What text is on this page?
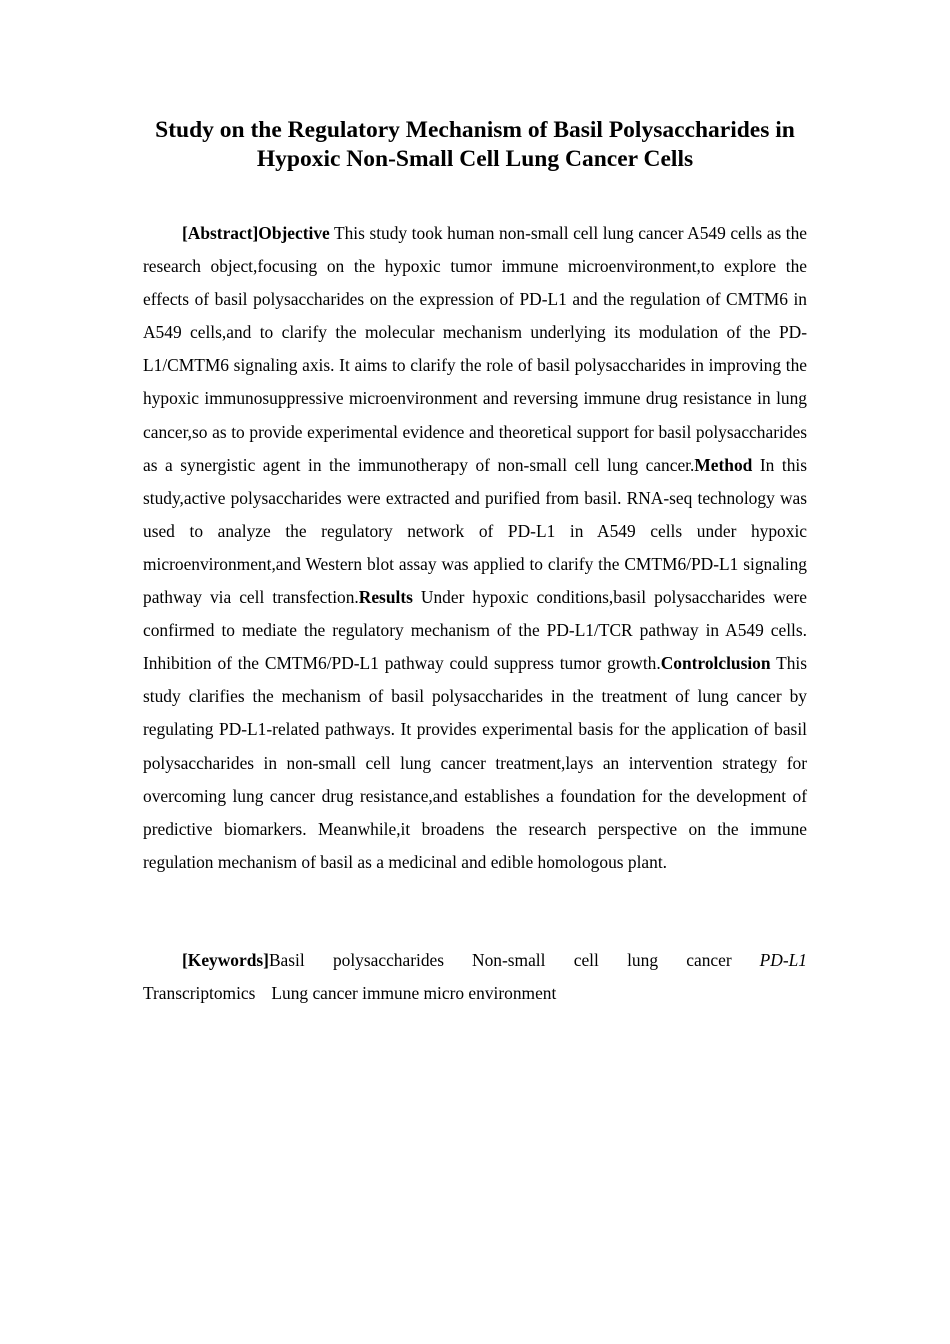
Study on the Regulatory Mechanism of Basil Polysaccharides in Hypoxic Non-Small Cell Lung Cancer Cells

[Abstract]Objective This study took human non-small cell lung cancer A549 cells as the research object,focusing on the hypoxic tumor immune microenvironment,to explore the effects of basil polysaccharides on the expression of PD-L1 and the regulation of CMTM6 in A549 cells,and to clarify the molecular mechanism underlying its modulation of the PD-L1/CMTM6 signaling axis. It aims to clarify the role of basil polysaccharides in improving the hypoxic immunosuppressive microenvironment and reversing immune drug resistance in lung cancer,so as to provide experimental evidence and theoretical support for basil polysaccharides as a synergistic agent in the immunotherapy of non-small cell lung cancer.Method In this study,active polysaccharides were extracted and purified from basil. RNA-seq technology was used to analyze the regulatory network of PD-L1 in A549 cells under hypoxic microenvironment,and Western blot assay was applied to clarify the CMTM6/PD-L1 signaling pathway via cell transfection.Results Under hypoxic conditions,basil polysaccharides were confirmed to mediate the regulatory mechanism of the PD-L1/TCR pathway in A549 cells. Inhibition of the CMTM6/PD-L1 pathway could suppress tumor growth.Controlclusion This study clarifies the mechanism of basil polysaccharides in the treatment of lung cancer by regulating PD-L1-related pathways. It provides experimental basis for the application of basil polysaccharides in non-small cell lung cancer treatment,lays an intervention strategy for overcoming lung cancer drug resistance,and establishes a foundation for the development of predictive biomarkers. Meanwhile,it broadens the research perspective on the immune regulation mechanism of basil as a medicinal and edible homologous plant.

[Keywords]Basil polysaccharides Non-small cell lung cancer PD-L1 Transcriptomics Lung cancer immune micro environment
